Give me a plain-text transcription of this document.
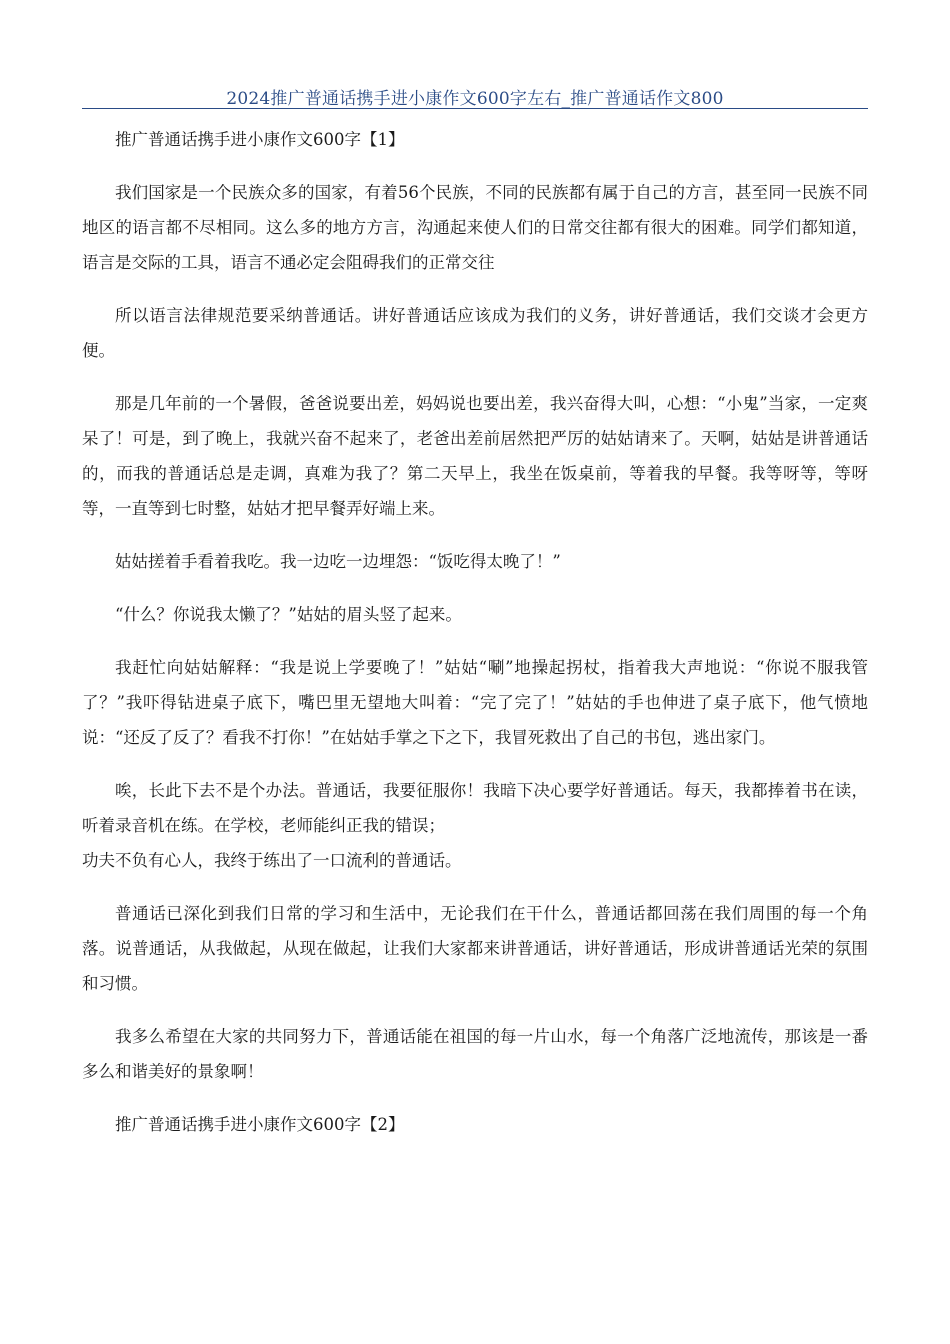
2024推广普通话携手进小康作文600字左右_推广普通话作文800

推广普通话携手进小康作文600字【1】

我们国家是一个民族众多的国家，有着56个民族，不同的民族都有属于自己的方言，甚至同一民族不同地区的语言都不尽相同。这么多的地方方言，沟通起来使人们的日常交往都有很大的困难。同学们都知道，语言是交际的工具，语言不通必定会阻碍我们的正常交往

所以语言法律规范要采纳普通话。讲好普通话应该成为我们的义务，讲好普通话，我们交谈才会更方便。

那是几年前的一个暑假，爸爸说要出差，妈妈说也要出差，我兴奋得大叫，心想：“小鬼”当家，一定爽呆了！可是，到了晚上，我就兴奋不起来了，老爸出差前居然把严厉的姑姑请来了。天啊，姑姑是讲普通话的，而我的普通话总是走调，真难为我了？第二天早上，我坐在饭桌前，等着我的早餐。我等呀等，等呀等，一直等到七时整，姑姑才把早餐弄好端上来。

姑姑搓着手看着我吃。我一边吃一边埋怨：“饭吃得太晚了！”

“什么？你说我太懒了？”姑姑的眉头竖了起来。

我赶忙向姑姑解释：“我是说上学要晚了！”姑姑“唰”地操起拐杖，指着我大声地说：“你说不服我管了？”我吓得钻进桌子底下，嘴巴里无望地大叫着：“完了完了！”姑姑的手也伸进了桌子底下，他气愤地说：“还反了反了？看我不打你！”在姑姑手掌之下之下，我冒死救出了自己的书包，逃出家门。

唉，长此下去不是个办法。普通话，我要征服你！我暗下决心要学好普通话。每天，我都捧着书在读，听着录音机在练。在学校，老师能纠正我的错误；

功夫不负有心人，我终于练出了一口流利的普通话。

普通话已深化到我们日常的学习和生活中，无论我们在干什么，普通话都回荡在我们周围的每一个角落。说普通话，从我做起，从现在做起，让我们大家都来讲普通话，讲好普通话，形成讲普通话光荣的氛围和习惯。

我多么希望在大家的共同努力下，普通话能在祖国的每一片山水，每一个角落广泛地流传，那该是一番多么和谐美好的景象啊！

推广普通话携手进小康作文600字【2】
